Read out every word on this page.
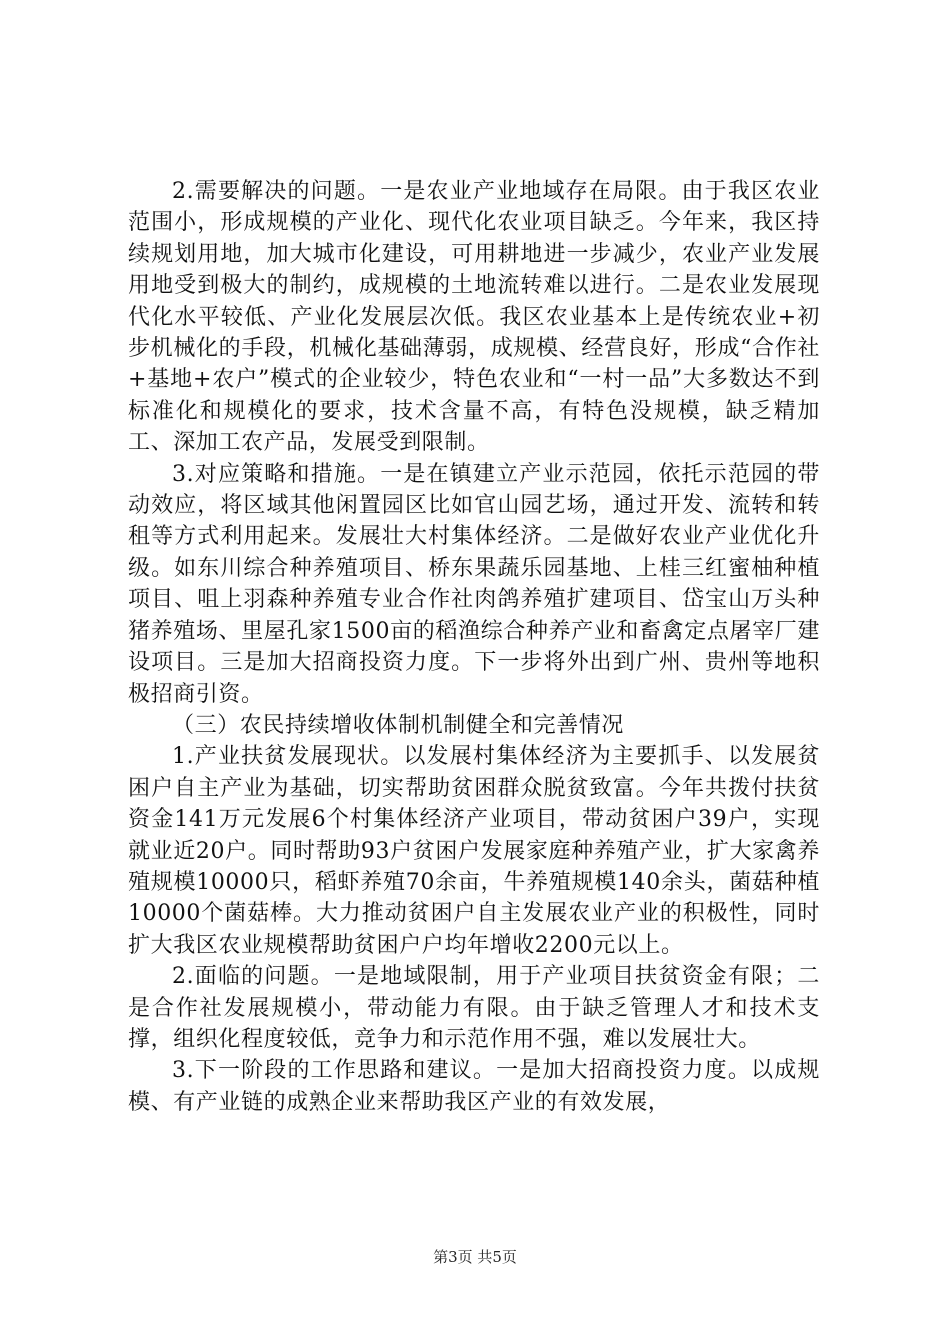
2.需要解决的问题。一是农业产业地域存在局限。由于我区农业范围小，形成规模的产业化、现代化农业项目缺乏。今年来，我区持续规划用地，加大城市化建设，可用耕地进一步减少，农业产业发展用地受到极大的制约，成规模的土地流转难以进行。二是农业发展现代化水平较低、产业化发展层次低。我区农业基本上是传统农业+初步机械化的手段，机械化基础薄弱，成规模、经营良好，形成“合作社+基地+农户”模式的企业较少，特色农业和“一村一品”大多数达不到标准化和规模化的要求，技术含量不高，有特色没规模，缺乏精加工、深加工农产品，发展受到限制。

3.对应策略和措施。一是在镇建立产业示范园，依托示范园的带动效应，将区域其他闲置园区比如官山园艺场，通过开发、流转和转租等方式利用起来。发展壮大村集体经济。二是做好农业产业优化升级。如东川综合种养殖项目、桥东果蔬乐园基地、上桂三红蜜柚种植项目、咀上羽森种养殖专业合作社肉鸽养殖扩建项目、岱宝山万头种猪养殖场、里屋孔家1500亩的稻渔综合种养产业和畜禽定点屠宰厂建设项目。三是加大招商投资力度。下一步将外出到广州、贵州等地积极招商引资。

（三）农民持续增收体制机制健全和完善情况

1.产业扶贫发展现状。以发展村集体经济为主要抓手、以发展贫困户自主产业为基础，切实帮助贫困群众脱贫致富。今年共拨付扶贫资金141万元发展6个村集体经济产业项目，带动贫困户39户，实现就业近20户。同时帮助93户贫困户发展家庭种养殖产业，扩大家禽养殖规模10000只，稻虾养殖70余亩，牛养殖规模140余头，菌菇种植10000个菌菇棒。大力推动贫困户自主发展农业产业的积极性，同时扩大我区农业规模帮助贫困户户均年增收2200元以上。

2.面临的问题。一是地域限制，用于产业项目扶贫资金有限；二是合作社发展规模小，带动能力有限。由于缺乏管理人才和技术支撑，组织化程度较低，竞争力和示范作用不强，难以发展壮大。

3.下一阶段的工作思路和建议。一是加大招商投资力度。以成规模、有产业链的成熟企业来帮助我区产业的有效发展，

第3页 共5页
